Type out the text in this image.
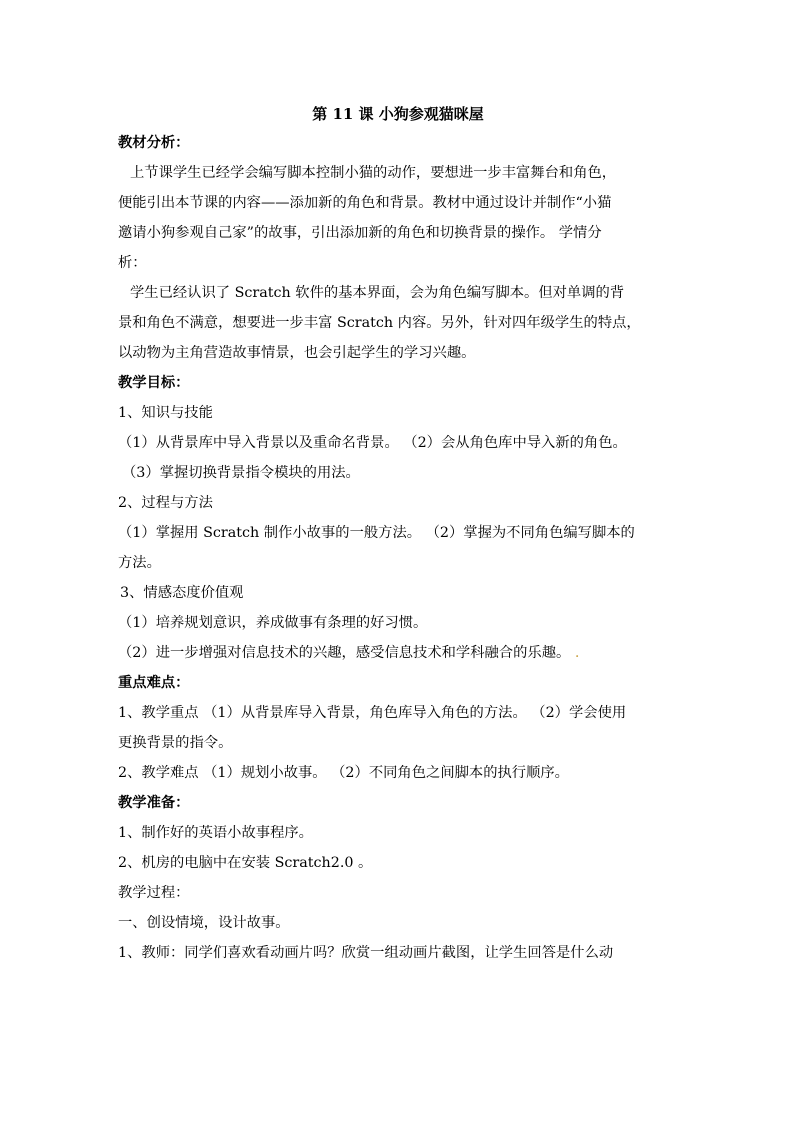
第 11 课 小狗参观猫咪屋

教材分析：

上节课学生已经学会编写脚本控制小猫的动作，要想进一步丰富舞台和角色，

便能引出本节课的内容——添加新的角色和背景。教材中通过设计并制作“小猫

邀请小狗参观自己家”的故事，引出添加新的角色和切换背景的操作。 学情分

析：

学生已经认识了 Scratch 软件的基本界面，会为角色编写脚本。但对单调的背

景和角色不满意，想要进一步丰富 Scratch 内容。另外，针对四年级学生的特点，

以动物为主角营造故事情景，也会引起学生的学习兴趣。

教学目标：

1、知识与技能

（1）从背景库中导入背景以及重命名背景。 （2）会从角色库中导入新的角色。

（3）掌握切换背景指令模块的用法。

2、过程与方法

（1）掌握用 Scratch 制作小故事的一般方法。 （2）掌握为不同角色编写脚本的

方法。

3、情感态度价值观

（1）培养规划意识，养成做事有条理的好习惯。

（2）进一步增强对信息技术的兴趣，感受信息技术和学科融合的乐趣。 .

重点难点：

1、教学重点 （1）从背景库导入背景，角色库导入角色的方法。 （2）学会使用

更换背景的指令。

2、教学难点 （1）规划小故事。 （2）不同角色之间脚本的执行顺序。

教学准备：

1、制作好的英语小故事程序。

2、机房的电脑中在安装 Scratch2.0 。

教学过程：

一、创设情境，设计故事。

1、教师：同学们喜欢看动画片吗？欣赏一组动画片截图，让学生回答是什么动
